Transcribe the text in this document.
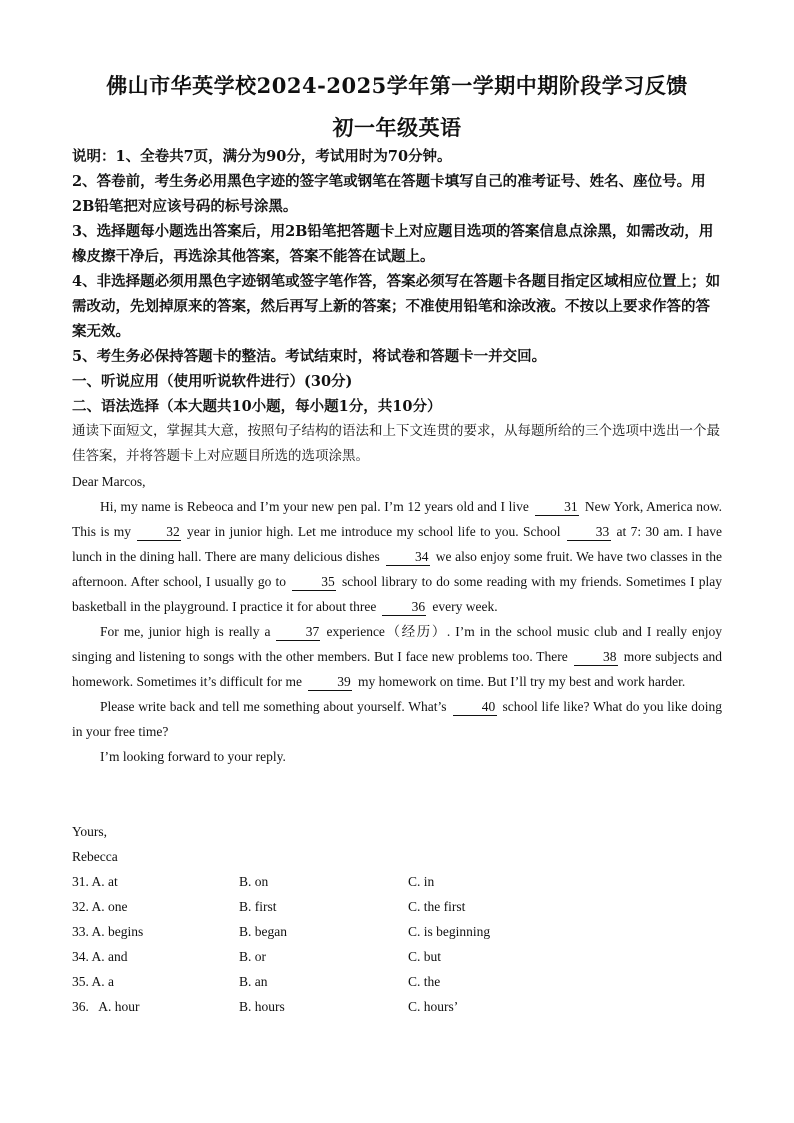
佛山市华英学校2024-2025学年第一学期中期阶段学习反馈
初一年级英语
说明：1、全卷共7页，满分为90分，考试用时为70分钟。
2、答卷前，考生务必用黑色字迹的签字笔或钢笔在答题卡填写自己的准考证号、姓名、座位号。用2B铅笔把对应该号码的标号涂黑。
3、选择题每小题选出答案后，用2B铅笔把答题卡上对应题目选项的答案信息点涂黑，如需改动，用橡皮擦干净后，再选涂其他答案，答案不能答在试题上。
4、非选择题必须用黑色字迹钢笔或签字笔作答，答案必须写在答题卡各题目指定区域相应位置上；如需改动，先划掉原来的答案，然后再写上新的答案；不准使用铅笔和涂改液。不按以上要求作答的答案无效。
5、考生务必保持答题卡的整洁。考试结束时，将试卷和答题卡一并交回。
一、听说应用（使用听说软件进行）(30分)
二、语法选择（本大题共10小题，每小题1分，共10分）
通读下面短文，掌握其大意，按照句子结构的语法和上下文连贯的要求，从每题所给的三个选项中选出一个最佳答案，并将答题卡上对应题目所选的选项涂黑。
Dear Marcos,

Hi, my name is Rebeoca and I’m your new pen pal. I’m 12 years old and I live	31 New York, America now. This is my	32 year in junior high. Let me introduce my school life to you. School	33 at 7: 30 am. I have lunch in the dining hall. There are many delicious dishes	34 we also enjoy some fruit. We have two classes in the afternoon. After school, I usually go to	35 school library to do some reading with my friends. Sometimes I play basketball in the playground. I practice it for about three	36 every week.

For me, junior high is really a	37 experience（经历）. I’m in the school music club and I really enjoy singing and listening to songs with the other members. But I face new problems too. There	38 more subjects and homework. Sometimes it’s difficult for me	39 my homework on time. But I’ll try my best and work harder.

Please write back and tell me something about yourself. What’s	40 school life like? What do you like doing in your free time?

I’m looking forward to your reply.

Yours,
Rebecca
31. A. at	B. on	C. in
32. A. one	B. first	C. the first
33. A. begins	B. began	C. is beginning
34. A. and	B. or	C. but
35. A. a	B. an	C. the
36.   A. hour	B. hours	C. hours’
